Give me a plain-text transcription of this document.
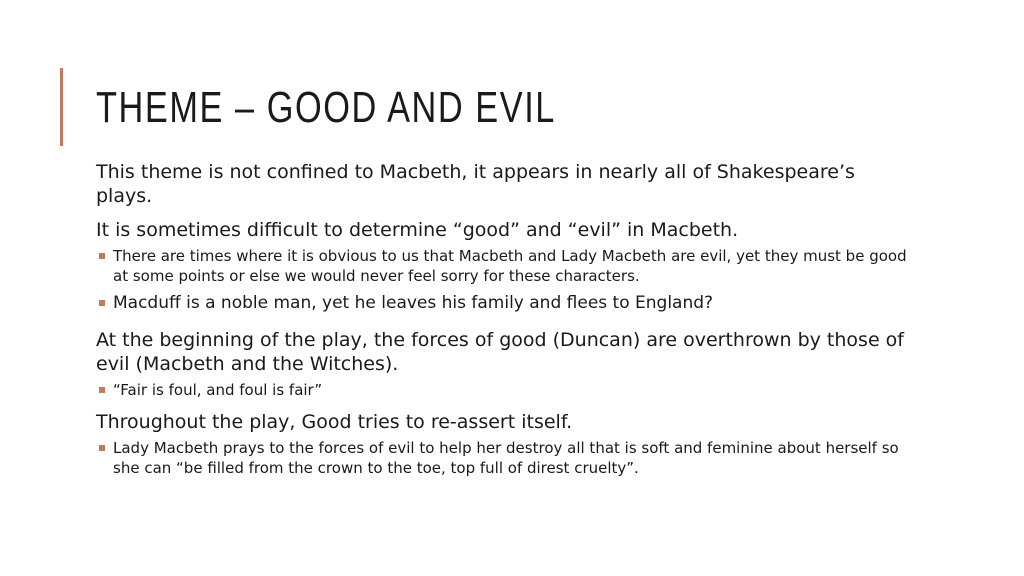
THEME – GOOD AND EVIL

This theme is not confined to Macbeth, it appears in nearly all of Shakespeare’s plays.

It is sometimes difficult to determine “good” and “evil” in Macbeth.

There are times where it is obvious to us that Macbeth and Lady Macbeth are evil, yet they must be good at some points or else we would never feel sorry for these characters.
Macduff is a noble man, yet he leaves his family and flees to England?

At the beginning of the play, the forces of good (Duncan) are overthrown by those of evil (Macbeth and the Witches).

“Fair is foul, and foul is fair”

Throughout the play, Good tries to re-assert itself.

Lady Macbeth prays to the forces of evil to help her destroy all that is soft and feminine about herself so she can “be filled from the crown to the toe, top full of direst cruelty”.
